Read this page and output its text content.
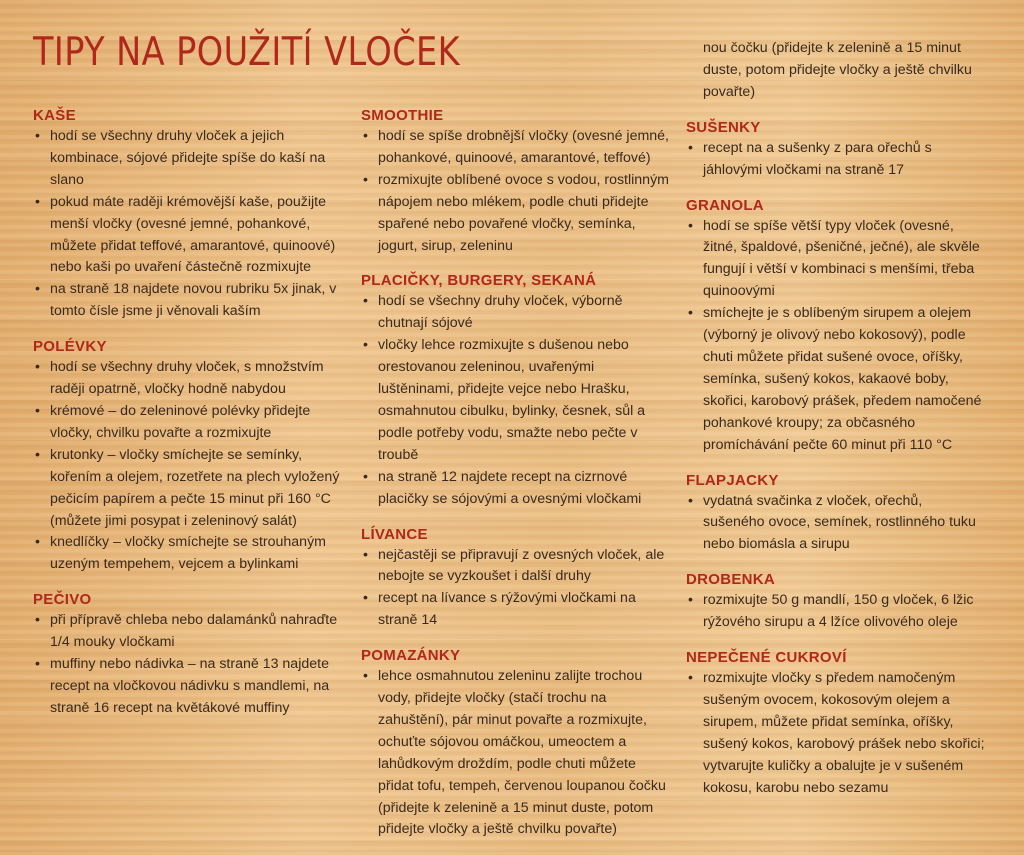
TIPY NA POUŽITÍ VLOČEK
KAŠE
• hodí se všechny druhy vloček a jejich kombinace, sójové přidejte spíše do kaší na slano
• pokud máte raději krémovější kaše, použijte menší vločky (ovesné jemné, pohankové, můžete přidat teffové, amarantové, quinoové) nebo kaši po uvaření částečně rozmixujte
• na straně 18 najdete novou rubriku 5x jinak, v tomto čísle jsme ji věnovali kaším
POLÉVKY
• hodí se všechny druhy vloček, s množstvím raději opatrně, vločky hodně nabydou
• krémové – do zeleninové polévky přidejte vločky, chvilku povařte a rozmixujte
• krutonky – vločky smíchejte se semínky, kořením a olejem, rozetřete na plech vyložený pečicím papírem a pečte 15 minut při 160 °C (můžete jimi posypat i zeleninový salát)
• knedlíčky – vločky smíchejte se strouhaným uzeným tempehem, vejcem a bylinkami
PEČIVO
• při přípravě chleba nebo dalamánků nahraďte 1/4 mouky vločkami
• muffiny nebo nádivka – na straně 13 najdete recept na vločkovou nádivku s mandlemi, na straně 16 recept na květákové muffiny
SMOOTHIE
• hodí se spíše drobnější vločky (ovesné jemné, pohankové, quinoové, amarantové, teffové)
• rozmixujte oblíbené ovoce s vodou, rostlinným nápojem nebo mlékem, podle chuti přidejte spařené nebo povařené vločky, semínka, jogurt, sirup, zeleninu
PLACIČKY, BURGERY, SEKANÁ
• hodí se všechny druhy vloček, výborně chutnají sójové
• vločky lehce rozmixujte s dušenou nebo orestovanou zeleninou, uvařenými luštěninami, přidejte vejce nebo Hrašku, osmahnutou cibulku, bylinky, česnek, sůl a podle potřeby vodu, smažte nebo pečte v troubě
• na straně 12 najdete recept na cizrnové placičky se sójovými a ovesnými vločkami
LÍVANCE
• nejčastěji se připravují z ovesných vloček, ale nebojte se vyzkoušet i další druhy
• recept na lívance s rýžovými vločkami na straně 14
POMAZÁNKY
• lehce osmahnutou zeleninu zalijte trochou vody, přidejte vločky (stačí trochu na zahuštění), pár minut povařte a rozmixujte, ochuťte sójovou omáčkou, umeoctem a lahůdkovým droždím, podle chuti můžete přidat tofu, tempeh, červenou loupanou čočku (přidejte k zelenině a 15 minut duste, potom přidejte vločky a ještě chvilku povařte)

nou čočku (přidejte k zelenině a 15 minut duste, potom přidejte vločky a ještě chvilku povařte)

SUŠENKY
• recept na a sušenky z para ořechů s jáhlovými vločkami na straně 17
GRANOLA
• hodí se spíše větší typy vloček (ovesné, žitné, špaldové, pšeničné, ječné), ale skvěle fungují i větší v kombinaci s menšími, třeba quinoovými
• smíchejte je s oblíbeným sirupem a olejem (výborný je olivový nebo kokosový), podle chuti můžete přidat sušené ovoce, oříšky, semínka, sušený kokos, kakaové boby, skořici, karobový prášek, předem namočené pohankové kroupy; za občasného promíchávání pečte 60 minut při 110 °C
FLAPJACKY
• vydatná svačinka z vloček, ořechů, sušeného ovoce, semínek, rostlinného tuku nebo biomásla a sirupu
DROBENKA
• rozmixujte 50 g mandlí, 150 g vloček, 6 lžic rýžového sirupu a 4 lžíce olivového oleje
NEPEČENÉ CUKROVÍ
• rozmixujte vločky s předem namočeným sušeným ovocem, kokosovým olejem a sirupem, můžete přidat semínka, oříšky, sušený kokos, karobový prášek nebo skořici; vytvarujte kuličky a obalujte je v sušeném kokosu, karobu nebo sezamu
